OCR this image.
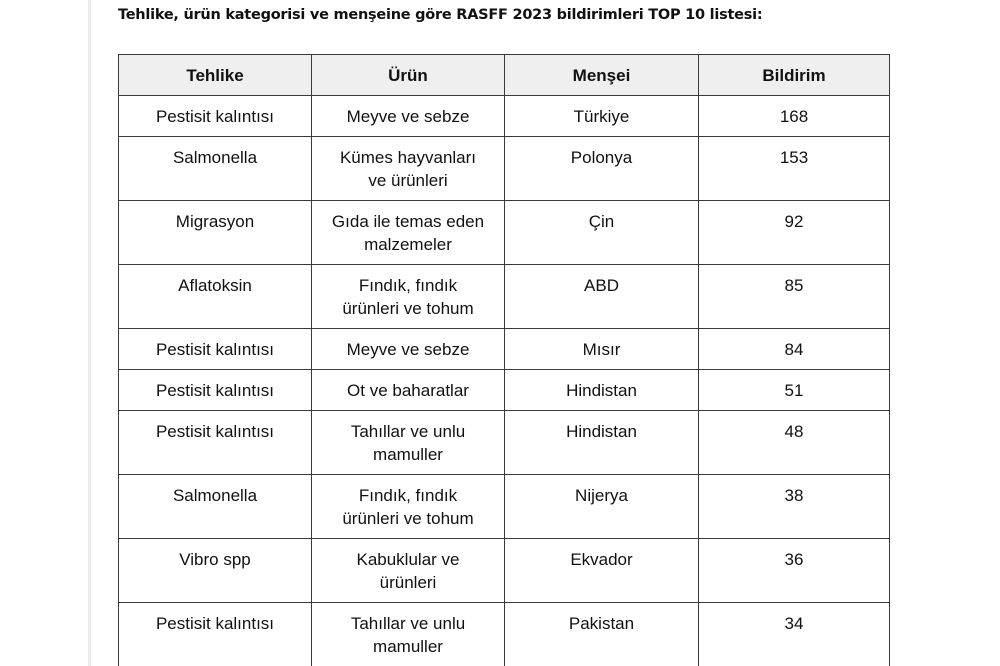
Tehlike, ürün kategorisi ve menşeine göre RASFF 2023 bildirimleri TOP 10 listesi:
Tehlike	Ürün	Menşei	Bildirim
Pestisit kalıntısı	Meyve ve sebze	Türkiye	168
Salmonella	Kümes hayvanları ve ürünleri	Polonya	153
Migrasyon	Gıda ile temas eden malzemeler	Çin	92
Aflatoksin	Fındık, fındık ürünleri ve tohum	ABD	85
Pestisit kalıntısı	Meyve ve sebze	Mısır	84
Pestisit kalıntısı	Ot ve baharatlar	Hindistan	51
Pestisit kalıntısı	Tahıllar ve unlu mamuller	Hindistan	48
Salmonella	Fındık, fındık ürünleri ve tohum	Nijerya	38
Vibro spp	Kabuklular ve ürünleri	Ekvador	36
Pestisit kalıntısı	Tahıllar ve unlu mamuller	Pakistan	34
